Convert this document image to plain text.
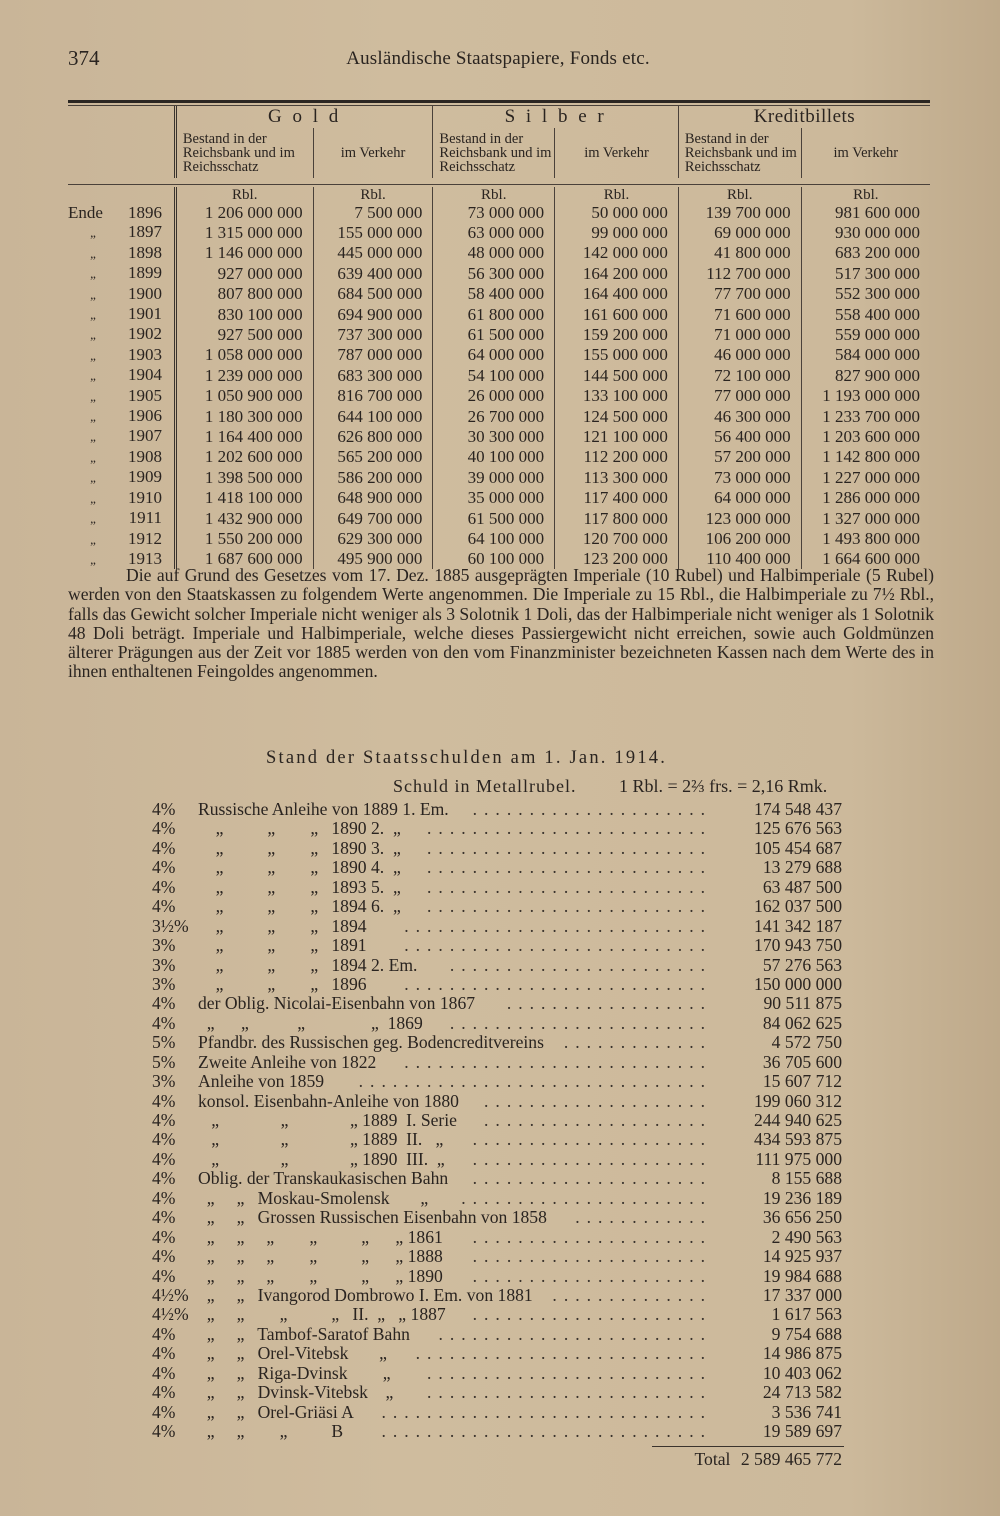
374	Ausländische Staatspapiere, Fonds etc.
	G o l d		S i l b e r		Kreditbillets	
	Bestand in der Reichsbank und im Reichsschatz	im Verkehr	Bestand in der Reichsbank und im Reichsschatz	im Verkehr	Bestand in der Reichsbank und im Reichsschatz	im Verkehr

	Rbl.	Rbl.	Rbl.	Rbl.	Rbl.	Rbl.
Ende 1896	1 206 000 000	7 500 000	73 000 000	50 000 000	139 700 000	981 600 000
„ 1897	1 315 000 000	155 000 000	63 000 000	99 000 000	69 000 000	930 000 000
„ 1898	1 146 000 000	445 000 000	48 000 000	142 000 000	41 800 000	683 200 000
„ 1899	927 000 000	639 400 000	56 300 000	164 200 000	112 700 000	517 300 000
„ 1900	807 800 000	684 500 000	58 400 000	164 400 000	77 700 000	552 300 000
„ 1901	830 100 000	694 900 000	61 800 000	161 600 000	71 600 000	558 400 000
„ 1902	927 500 000	737 300 000	61 500 000	159 200 000	71 000 000	559 000 000
„ 1903	1 058 000 000	787 000 000	64 000 000	155 000 000	46 000 000	584 000 000
„ 1904	1 239 000 000	683 300 000	54 100 000	144 500 000	72 100 000	827 900 000
„ 1905	1 050 900 000	816 700 000	26 000 000	133 100 000	77 000 000	1 193 000 000
„ 1906	1 180 300 000	644 100 000	26 700 000	124 500 000	46 300 000	1 233 700 000
„ 1907	1 164 400 000	626 800 000	30 300 000	121 100 000	56 400 000	1 203 600 000
„ 1908	1 202 600 000	565 200 000	40 100 000	112 200 000	57 200 000	1 142 800 000
„ 1909	1 398 500 000	586 200 000	39 000 000	113 300 000	73 000 000	1 227 000 000
„ 1910	1 418 100 000	648 900 000	35 000 000	117 400 000	64 000 000	1 286 000 000
„ 1911	1 432 900 000	649 700 000	61 500 000	117 800 000	123 000 000	1 327 000 000
„ 1912	1 550 200 000	629 300 000	64 100 000	120 700 000	106 200 000	1 493 800 000
„ 1913	1 687 600 000	495 900 000	60 100 000	123 200 000	110 400 000	1 664 600 000
Die auf Grund des Gesetzes vom 17. Dez. 1885 ausgeprägten Imperiale (10 Rubel) und Halbimperiale (5 Rubel) werden von den Staatskassen zu folgendem Werte angenommen. Die Imperiale zu 15 Rbl., die Halbimperiale zu 7½ Rbl., falls das Gewicht solcher Imperiale nicht weniger als 3 Solotnik 1 Doli, das der Halbimperiale nicht weniger als 1 Solotnik 48 Doli beträgt. Imperiale und Halbimperiale, welche dieses Passiergewicht nicht erreichen, sowie auch Goldmünzen älterer Prägungen aus der Zeit vor 1885 werden von den vom Finanzminister bezeichneten Kassen nach dem Werte des in ihnen enthaltenen Feingoldes angenommen.
Stand der Staatsschulden am 1. Jan. 1914.
Schuld in Metallrubel. 1 Rbl. = 2⅔ frs. = 2,16 Rmk.
4% Russische Anleihe von 1889 1. Em. ..................... 174 548 437
4% „          „        „   1890 2.  „ ......................... 125 676 563
4% „          „        „   1890 3.  „ ......................... 105 454 687
4% „          „        „   1890 4.  „ .........................	13 279 688
4% „          „        „   1893 5.  „ .........................	63 487 500
4% „          „        „   1894 6.  „ ......................... 162 037 500
3½% „          „        „   1894 ........................... 141 342 187
3% „          „        „   1891 ........................... 170 943 750
3% „          „        „   1894 2. Em. .......................	57 276 563
3% „          „        „   1896 ........................... 150 000 000
4% der Oblig. Nicolai-Eisenbahn von 1867 ..................	90 511 875
4% „      „           „               „  1869 .......................	84 062 625
5% Pfandbr. des Russischen geg. Bodencreditvereins .............	4 572 750
5% Zweite Anleihe von 1822 ...........................	36 705 600
3% Anleihe von 1859 ...............................	15 607 712
4% konsol. Eisenbahn-Anleihe von 1880 .................... 199 060 312
4% „              „              „ 1889  I. Serie .................... 244 940 625
4% „              „              „ 1889  II.   „ ..................... 434 593 875
4% „              „              „ 1890  III.  „ ..................... 111 975 000
4% Oblig. der Transkaukasischen Bahn .....................	8 155 688
4% „     „   Moskau-Smolensk       „ ......................	19 236 189
4% „     „   Grossen Russischen Eisenbahn von 1858 ............	36 656 250
4% „     „     „        „          „      „ 1861 .....................	2 490 563
4% „     „     „        „          „      „ 1888 .....................	14 925 937
4% „     „     „        „          „      „ 1890 .....................	19 984 688
4½% „     „   Ivangorod Dombrowo I. Em. von 1881 ..............	17 337 000
4½% „     „        „          „   II.  „   „ 1887 .....................	1 617 563
4% „     „   Tambof-Saratof Bahn ........................	9 754 688
4% „     „   Orel-Vitebsk       „ ..........................	14 986 875
4% „     „   Riga-Dvinsk        „ .........................	10 403 062
4% „     „   Dvinsk-Vitebsk    „ .........................	24 713 582
4% „     „   Orel-Griäsi A .............................	3 536 741
4% „     „        „          B .............................	19 589 697
Total 2 589 465 772
